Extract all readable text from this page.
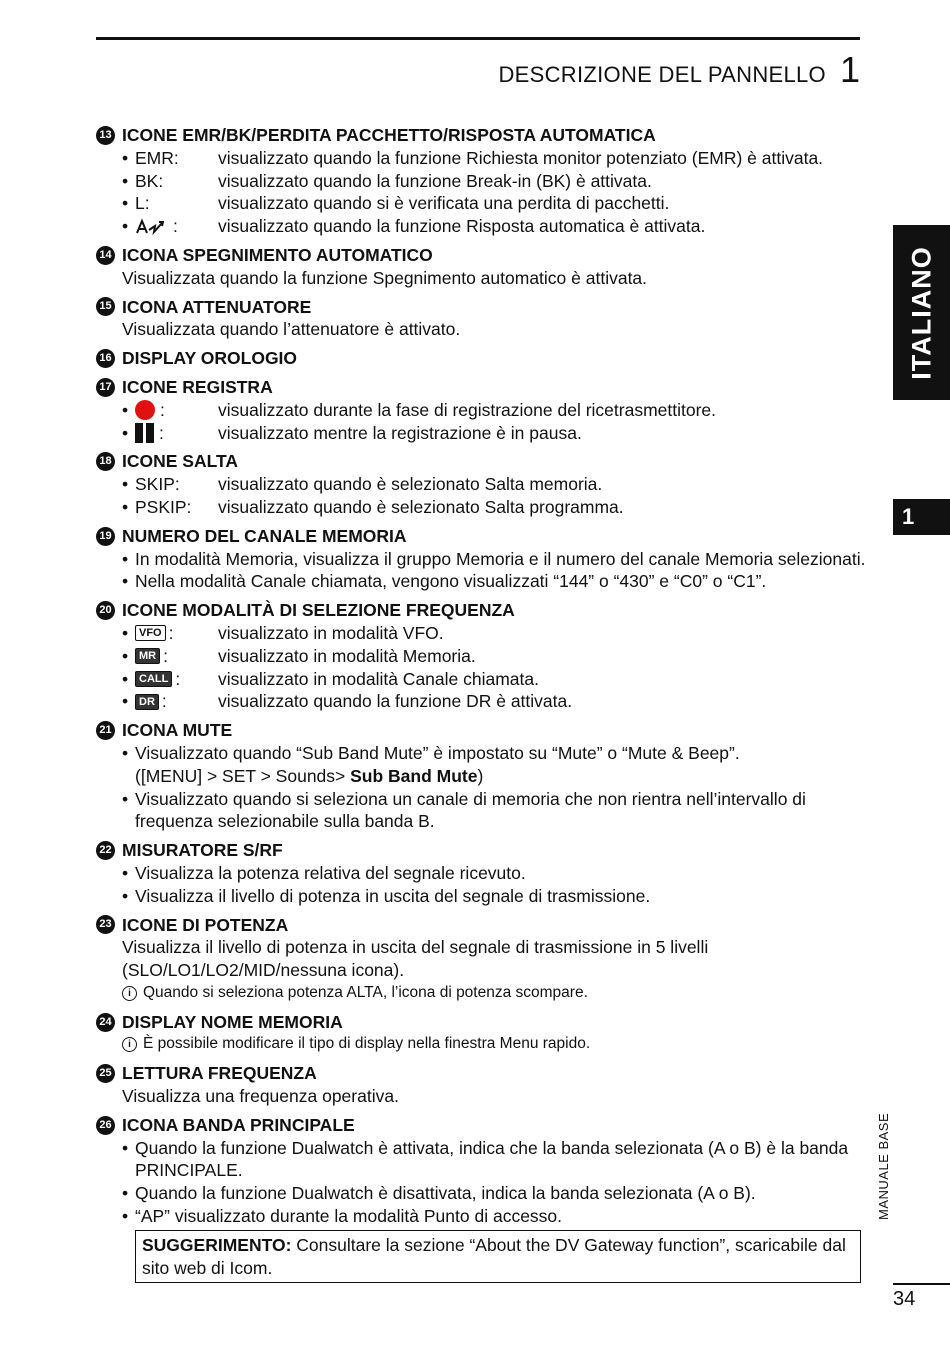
DESCRIZIONE DEL PANNELLO 1
ITALIANO
1
MANUALE BASE
34
13 ICONE EMR/BK/PERDITA PACCHETTO/RISPOSTA AUTOMATICA
• EMR:	visualizzato quando la funzione Richiesta monitor potenziato (EMR) è attivata.
• BK:	visualizzato quando la funzione Break-in (BK) è attivata.
• L:	visualizzato quando si è verificata una perdita di pacchetti.
•	: visualizzato quando la funzione Risposta automatica è attivata.
14 ICONA SPEGNIMENTO AUTOMATICO
Visualizzata quando la funzione Spegnimento automatico è attivata.
15 ICONA ATTENUATORE
Visualizzata quando l’attenuatore è attivato.
16 DISPLAY OROLOGIO
17 ICONE REGISTRA
•	:	visualizzato durante la fase di registrazione del ricetrasmettitore.
•	:	visualizzato mentre la registrazione è in pausa.
18 ICONE SALTA
• SKIP:	visualizzato quando è selezionato Salta memoria.
• PSKIP:	visualizzato quando è selezionato Salta programma.
19 NUMERO DEL CANALE MEMORIA
• In modalità Memoria, visualizza il gruppo Memoria e il numero del canale Memoria selezionati.
• Nella modalità Canale chiamata, vengono visualizzati “144” o “430” e “C0” o “C1”.
20 ICONE MODALITÀ DI SELEZIONE FREQUENZA
• VFO :	visualizzato in modalità VFO.
• MR :	visualizzato in modalità Memoria.
• CALL : visualizzato in modalità Canale chiamata.
• DR :	visualizzato quando la funzione DR è attivata.
21 ICONA MUTE
• Visualizzato quando “Sub Band Mute” è impostato su “Mute” o “Mute & Beep”.
([MENU] > SET > Sounds> Sub Band Mute)
• Visualizzato quando si seleziona un canale di memoria che non rientra nell’intervallo di frequenza selezionabile sulla banda B.
22 MISURATORE S/RF
• Visualizza la potenza relativa del segnale ricevuto.
• Visualizza il livello di potenza in uscita del segnale di trasmissione.
23 ICONE DI POTENZA
Visualizza il livello di potenza in uscita del segnale di trasmissione in 5 livelli (SLO/LO1/LO2/MID/nessuna icona).
i Quando si seleziona potenza ALTA, l’icona di potenza scompare.
24 DISPLAY NOME MEMORIA
i È possibile modificare il tipo di display nella finestra Menu rapido.
25 LETTURA FREQUENZA
Visualizza una frequenza operativa.
26 ICONA BANDA PRINCIPALE
• Quando la funzione Dualwatch è attivata, indica che la banda selezionata (A o B) è la banda PRINCIPALE.
• Quando la funzione Dualwatch è disattivata, indica la banda selezionata (A o B).
• “AP” visualizzato durante la modalità Punto di accesso.
SUGGERIMENTO: Consultare la sezione “About the DV Gateway function”, scaricabile dal sito web di Icom.
